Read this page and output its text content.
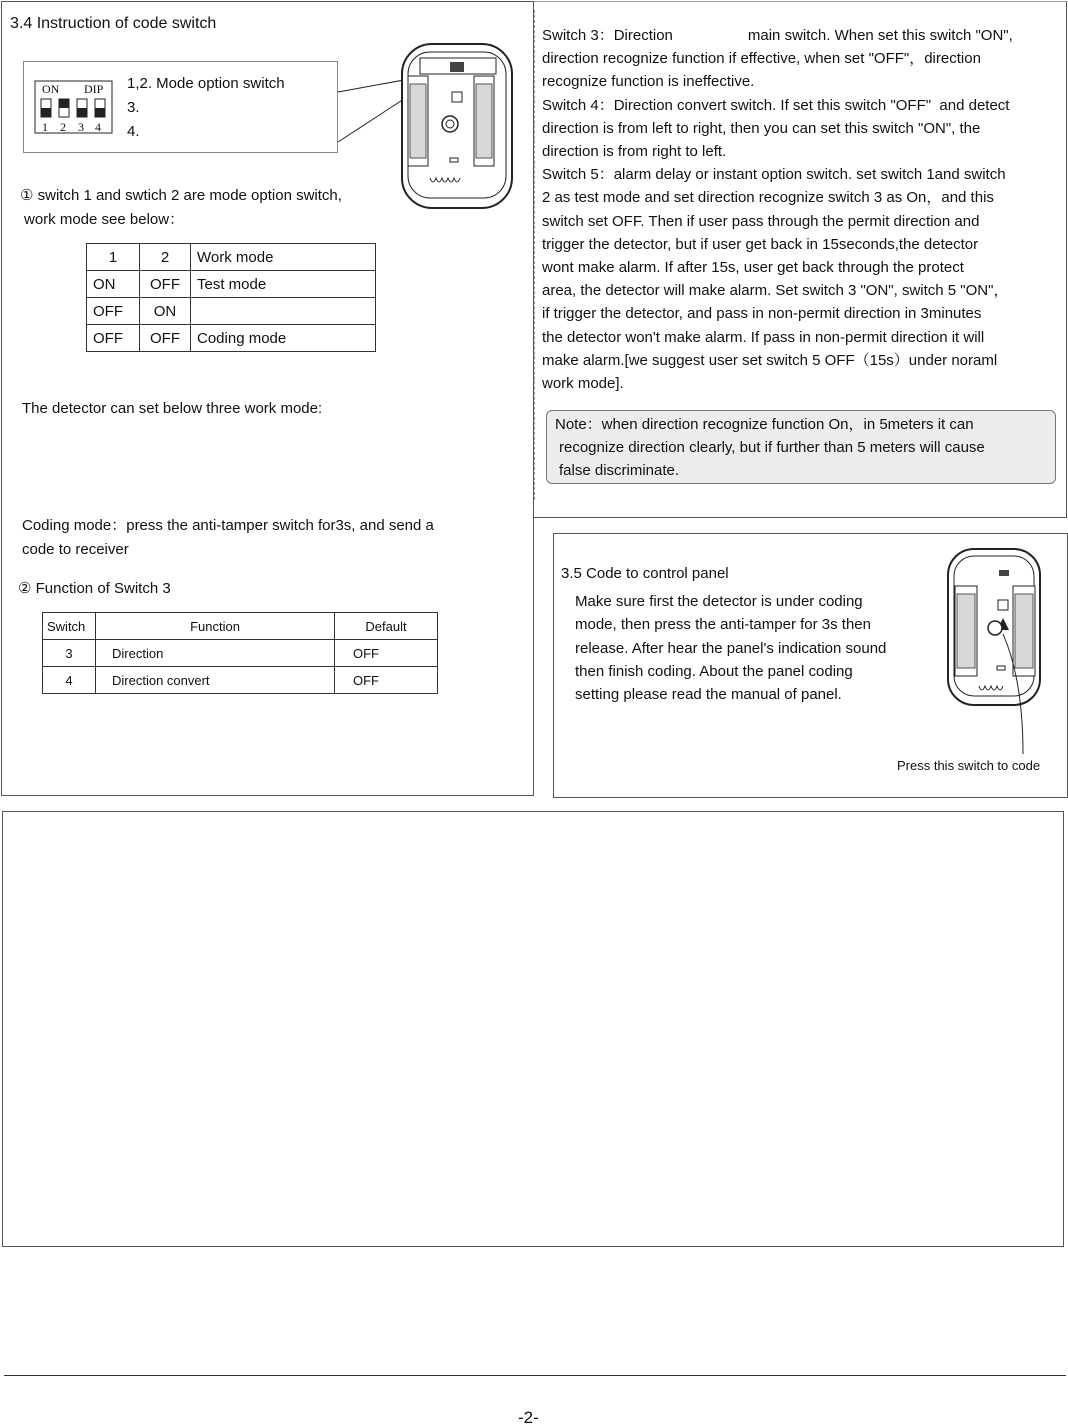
3.4 Instruction of code switch
ON DIP
1 2 3 4
1,2. Mode option switch
3.
4.
① switch 1 and swtich 2 are mode option switch,
work mode see below：
1	2	Work mode
ON	OFF	Test mode
OFF	ON	
OFF	OFF	Coding mode
The detector can set below three work mode:
Coding mode：press the anti-tamper switch for3s, and send a
code to receiver
② Function of Switch 3
Switch	Function	Default
3	Direction	OFF
4	Direction convert	OFF
Switch 3：Direction                  main switch. When set this switch "ON",
direction recognize function if effective, when set "OFF"，direction
recognize function is ineffective.
Switch 4：Direction convert switch. If set this switch "OFF"  and detect
direction is from left to right, then you can set this switch "ON", the
direction is from right to left.
Switch 5：alarm delay or instant option switch. set switch 1and switch
2 as test mode and set direction recognize switch 3 as On，and this
switch set OFF. Then if user pass through the permit direction and
trigger the detector, but if user get back in 15seconds,the detector
wont make alarm. If after 15s, user get back through the protect
area, the detector will make alarm. Set switch 3 "ON", switch 5 "ON"，
if trigger the detector, and pass in non-permit direction in 3minutes
the detector won't make alarm. If pass in non-permit direction it will
make alarm.[we suggest user set switch 5 OFF（15s）under noraml
work mode].
Note：when direction recognize function On，in 5meters it can
recognize direction clearly, but if further than 5 meters will cause
false discriminate.
3.5 Code to control panel
Make sure first the detector is under coding
mode, then press the anti-tamper for 3s then
release. After hear the panel's indication sound
then finish coding. About the panel coding
setting please read the manual of panel.
Press this switch to code
-2-
